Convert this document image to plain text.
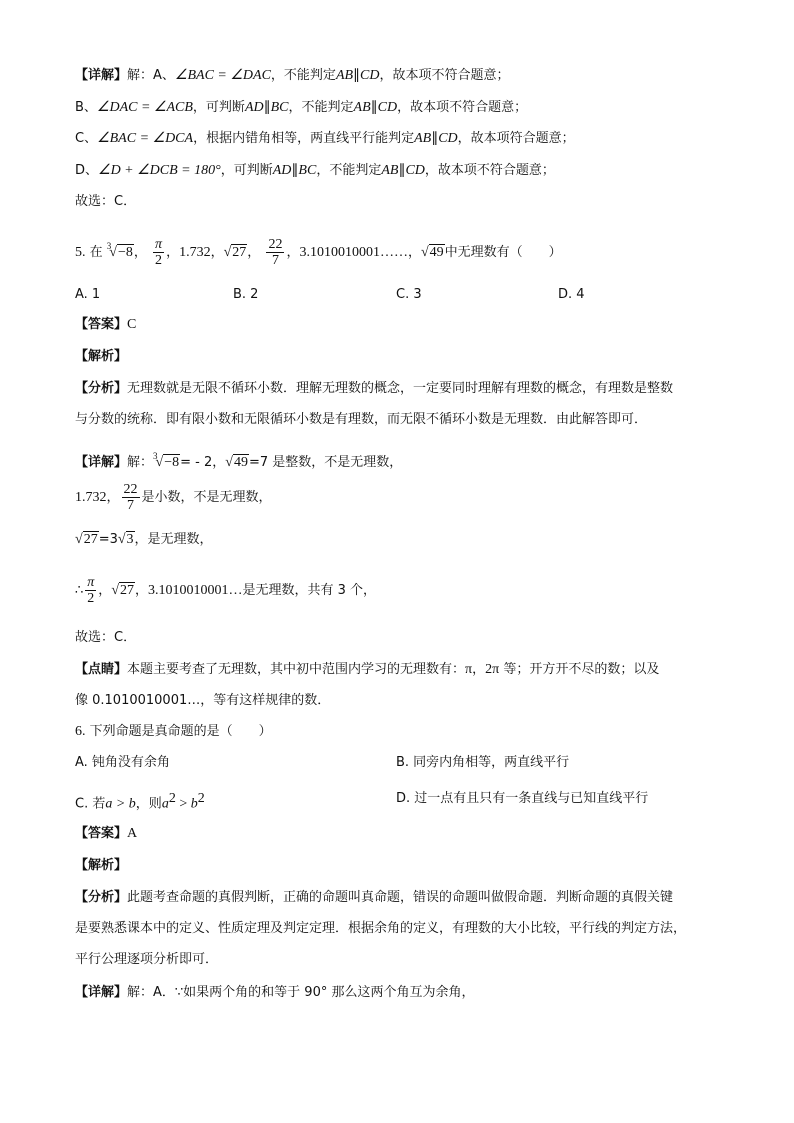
【详解】解：A、∠BAC = ∠DAC，不能判定AB∥CD，故本项不符合题意；
B、∠DAC = ∠ACB，可判断AD∥BC，不能判定AB∥CD，故本项不符合题意；
C、∠BAC = ∠DCA，根据内错角相等，两直线平行能判定AB∥CD，故本项符合题意；
D、∠D + ∠DCB = 180°，可判断AD∥BC，不能判定AB∥CD，故本项不符合题意；
故选：C．
5. 在 $^3$√−8， $\frac{\pi}{2}$ ，1.732，√27， $\frac{22}{7}$ ，3.1010010001……，√49中无理数有（　　）
A. 1	B. 2	C. 3	D. 4
【答案】C
【解析】
【分析】无理数就是无限不循环小数．理解无理数的概念，一定要同时理解有理数的概念，有理数是整数
与分数的统称．即有限小数和无限循环小数是有理数，而无限不循环小数是无理数．由此解答即可．
【详解】解：$^3$√−8= - 2，√49=7 是整数，不是无理数，
1.732， $\frac{22}{7}$ 是小数，不是无理数，
√27=3√3，是无理数，
∴ $\frac{\pi}{2}$ ，√27，3.1010010001…是无理数，共有 3 个，
故选：C．
【点睛】本题主要考查了无理数，其中初中范围内学习的无理数有：π，2π 等；开方开不尽的数；以及
像 0.1010010001…，等有这样规律的数．
6. 下列命题是真命题的是（　　）
A. 钝角没有余角	B. 同旁内角相等，两直线平行
C. 若a > b，则$a^2 > b^2$	D. 过一点有且只有一条直线与已知直线平行
【答案】A
【解析】
【分析】此题考查命题的真假判断，正确的命题叫真命题，错误的命题叫做假命题．判断命题的真假关键
是要熟悉课本中的定义、性质定理及判定定理．根据余角的定义，有理数的大小比较，平行线的判定方法，
平行公理逐项分析即可．
【详解】解：A．∵如果两个角的和等于 90° 那么这两个角互为余角，
